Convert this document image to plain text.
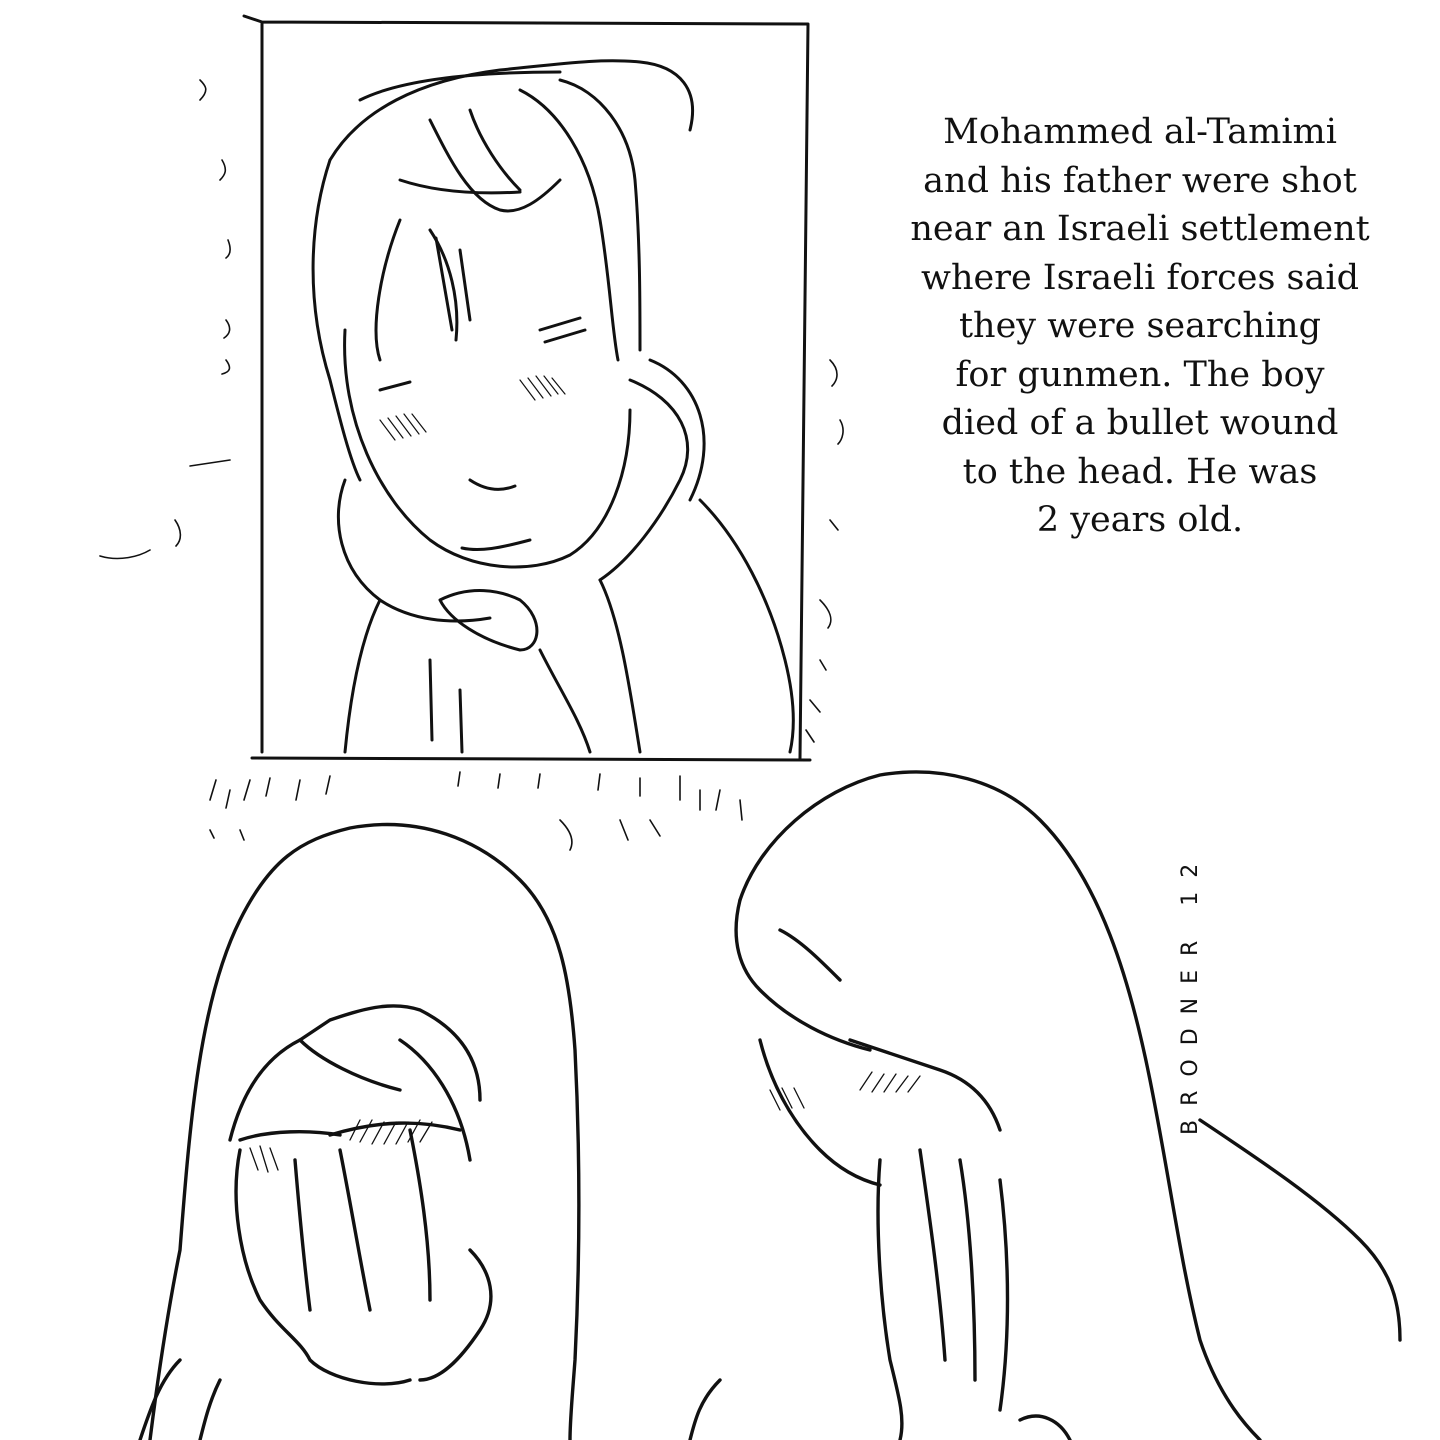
Mohammed al-Tamimi
and his father were shot
near an Israeli settlement
where Israeli forces said
they were searching
for gunmen. The boy
died of a bullet wound
to the head. He was
2 years old.
BRODNER 12
